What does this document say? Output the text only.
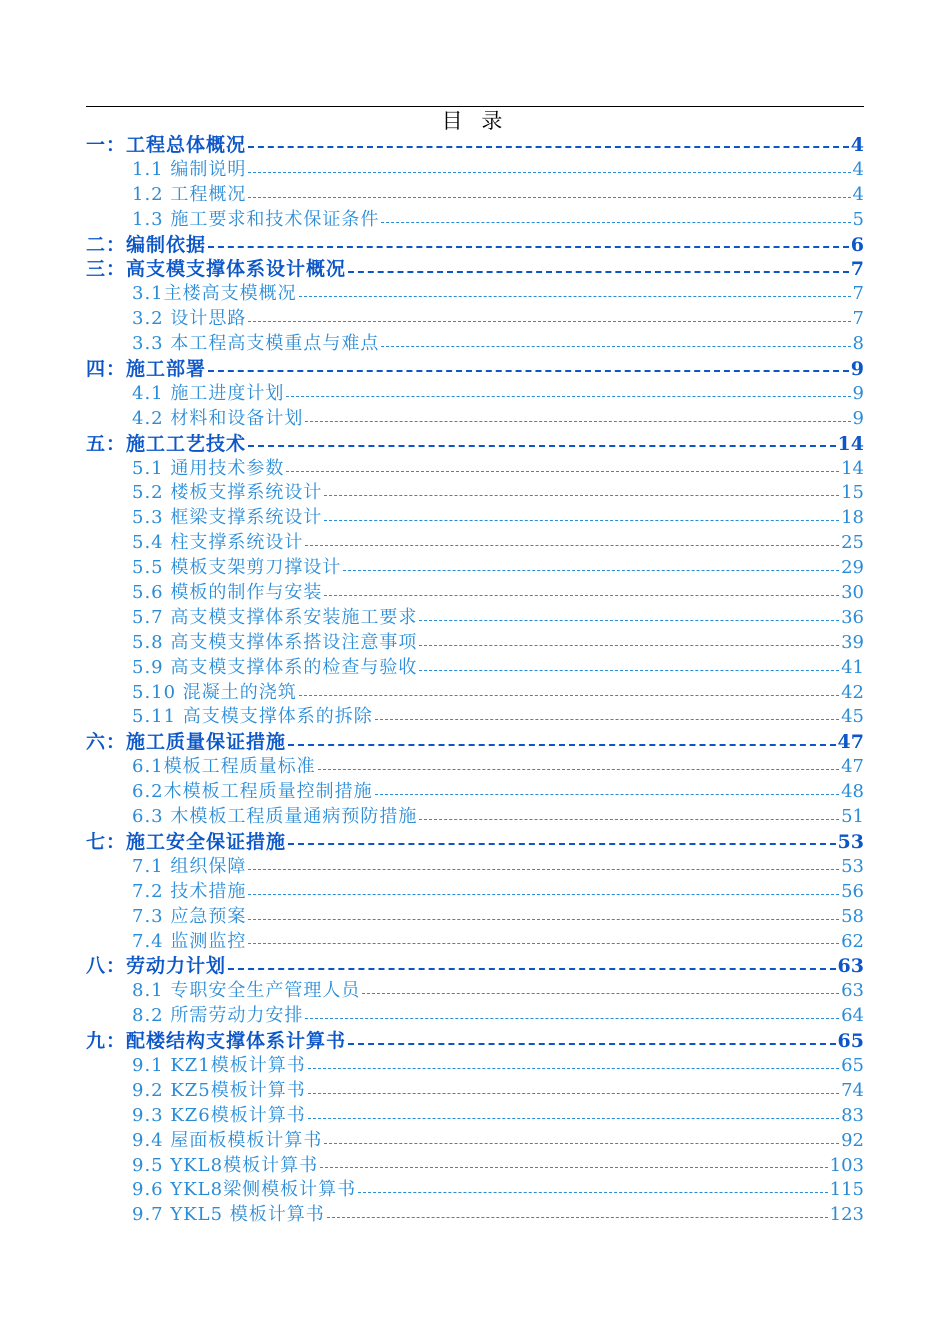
目 录
一：工程总体概况	4
1.1 编制说明	4
1.2 工程概况	4
1.3 施工要求和技术保证条件	5
二：编制依据	6
三：高支模支撑体系设计概况	7
3.1主楼高支模概况	7
3.2 设计思路	7
3.3 本工程高支模重点与难点	8
四：施工部署	9
4.1 施工进度计划	9
4.2 材料和设备计划	9
五：施工工艺技术	14
5.1 通用技术参数	14
5.2 楼板支撑系统设计	15
5.3 框梁支撑系统设计	18
5.4 柱支撑系统设计	25
5.5 模板支架剪刀撑设计	29
5.6 模板的制作与安装	30
5.7 高支模支撑体系安装施工要求	36
5.8 高支模支撑体系搭设注意事项	39
5.9 高支模支撑体系的检查与验收	41
5.10 混凝土的浇筑	42
5.11 高支模支撑体系的拆除	45
六：施工质量保证措施	47
6.1模板工程质量标准	47
6.2木模板工程质量控制措施	48
6.3 木模板工程质量通病预防措施	51
七：施工安全保证措施	53
7.1 组织保障	53
7.2 技术措施	56
7.3 应急预案	58
7.4 监测监控	62
八：劳动力计划	63
8.1 专职安全生产管理人员	63
8.2 所需劳动力安排	64
九：配楼结构支撑体系计算书	65
9.1 KZ1模板计算书	65
9.2 KZ5模板计算书	74
9.3 KZ6模板计算书	83
9.4 屋面板模板计算书	92
9.5 YKL8模板计算书	103
9.6 YKL8梁侧模板计算书	115
9.7 YKL5 模板计算书	123
